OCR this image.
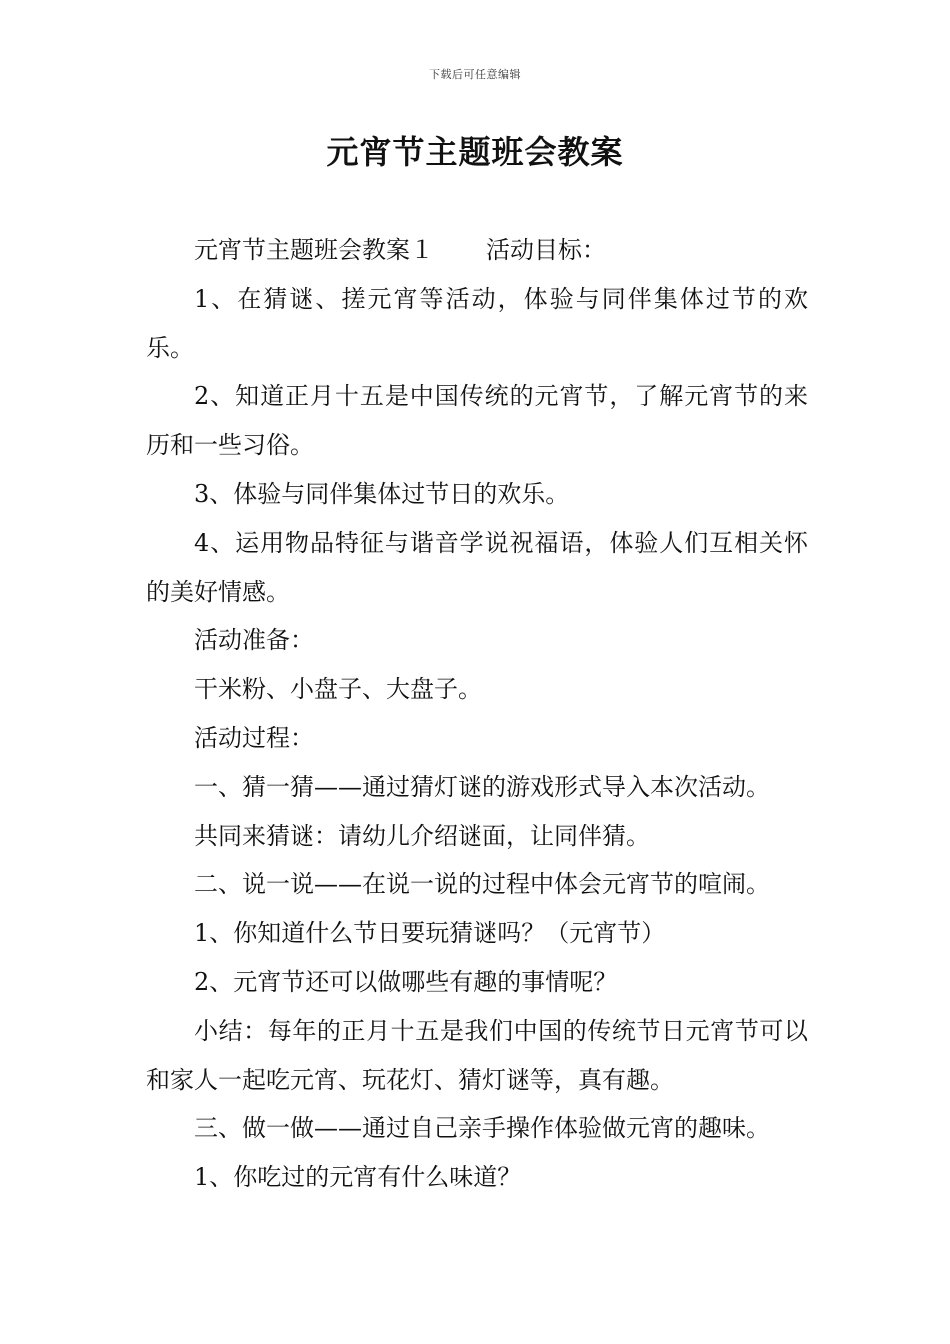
下载后可任意编辑
元宵节主题班会教案

元宵节主题班会教案１ 活动目标：

1、在猜谜、搓元宵等活动，体验与同伴集体过节的欢乐。

2、知道正月十五是中国传统的元宵节，了解元宵节的来历和一些习俗。

3、体验与同伴集体过节日的欢乐。

4、运用物品特征与谐音学说祝福语，体验人们互相关怀的美好情感。

活动准备：

干米粉、小盘子、大盘子。

活动过程：

一、猜一猜——通过猜灯谜的游戏形式导入本次活动。

共同来猜谜：请幼儿介绍谜面，让同伴猜。

二、说一说——在说一说的过程中体会元宵节的喧闹。

1、你知道什么节日要玩猜谜吗？（元宵节）

2、元宵节还可以做哪些有趣的事情呢？

小结：每年的正月十五是我们中国的传统节日元宵节可以和家人一起吃元宵、玩花灯、猜灯谜等，真有趣。

三、做一做——通过自己亲手操作体验做元宵的趣味。

1、你吃过的元宵有什么味道？
